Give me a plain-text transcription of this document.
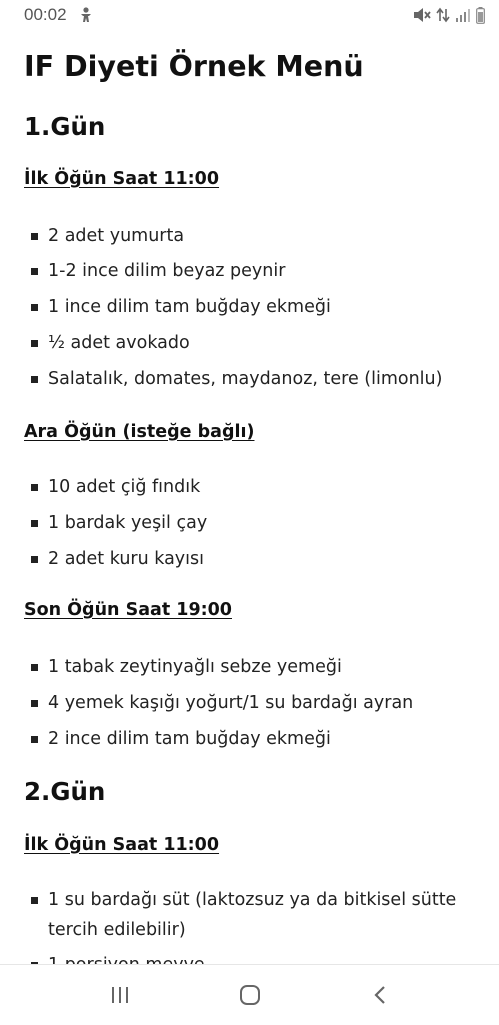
00:02
IF Diyeti Örnek Menü
1.Gün
İlk Öğün Saat 11:00

2 adet yumurta

1-2 ince dilim beyaz peynir

1 ince dilim tam buğday ekmeği

½ adet avokado

Salatalık, domates, maydanoz, tere (limonlu)

Ara Öğün (isteğe bağlı)

10 adet çiğ fındık

1 bardak yeşil çay

2 adet kuru kayısı

Son Öğün Saat 19:00

1 tabak zeytinyağlı sebze yemeği

4 yemek kaşığı yoğurt/1 su bardağı ayran

2 ince dilim tam buğday ekmeği

2.Gün
İlk Öğün Saat 11:00

1 su bardağı süt (laktozsuz ya da bitkisel sütte tercih edilebilir)
